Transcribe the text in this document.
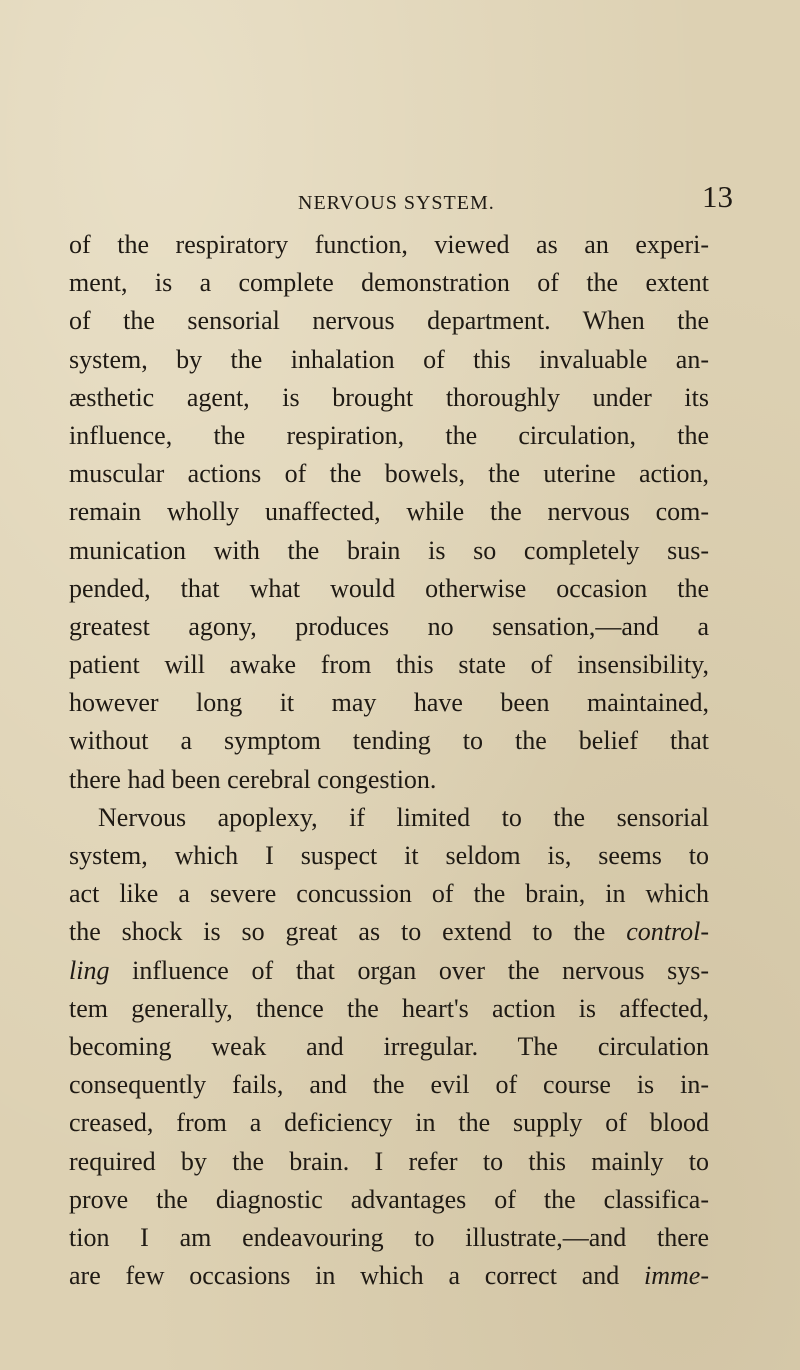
NERVOUS SYSTEM.	13
of the respiratory function, viewed as an experi-
ment, is a complete demonstration of the extent
of the sensorial nervous department. When the
system, by the inhalation of this invaluable an-
æsthetic agent, is brought thoroughly under its
influence, the respiration, the circulation, the
muscular actions of the bowels, the uterine action,
remain wholly unaffected, while the nervous com-
munication with the brain is so completely sus-
pended, that what would otherwise occasion the
greatest agony, produces no sensation,—and a
patient will awake from this state of insensibility,
however long it may have been maintained,
without a symptom tending to the belief that
there had been cerebral congestion.
Nervous apoplexy, if limited to the sensorial
system, which I suspect it seldom is, seems to
act like a severe concussion of the brain, in which
the shock is so great as to extend to the control-
ling influence of that organ over the nervous sys-
tem generally, thence the heart's action is affected,
becoming weak and irregular. The circulation
consequently fails, and the evil of course is in-
creased, from a deficiency in the supply of blood
required by the brain. I refer to this mainly to
prove the diagnostic advantages of the classifica-
tion I am endeavouring to illustrate,—and there
are few occasions in which a correct and imme-
